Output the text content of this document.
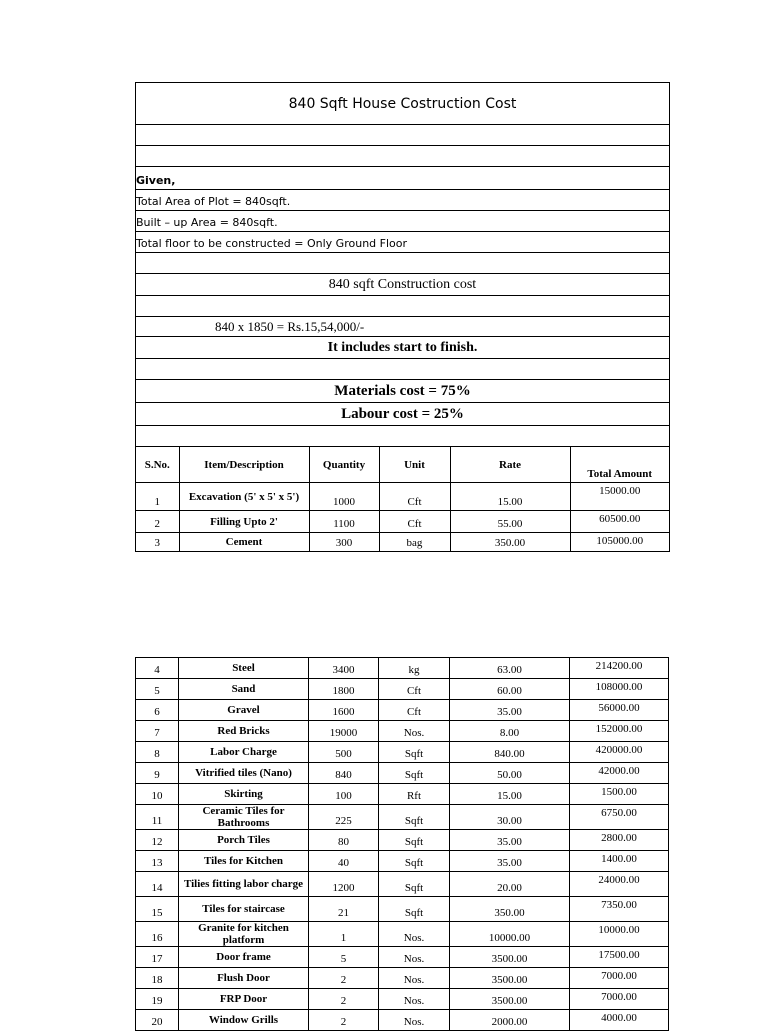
840 Sqft House Costruction Cost
Given,
Total Area of Plot = 840sqft.
Built – up Area = 840sqft.
Total floor to be constructed = Only Ground Floor
840 sqft Construction cost
840 x 1850 = Rs.15,54,000/-
It includes start to finish.
Materials cost = 75%
Labour cost = 25%
S.No.	Item/Description	Quantity	Unit	Rate	Total Amount
1	Excavation (5' x 5' x 5')	1000	Cft	15.00	15000.00
2	Filling Upto 2'	1100	Cft	55.00	60500.00
3	Cement	300	bag	350.00	105000.00
4	Steel	3400	kg	63.00	214200.00
5	Sand	1800	Cft	60.00	108000.00
6	Gravel	1600	Cft	35.00	56000.00
7	Red Bricks	19000	Nos.	8.00	152000.00
8	Labor Charge	500	Sqft	840.00	420000.00
9	Vitrified tiles (Nano)	840	Sqft	50.00	42000.00
10	Skirting	100	Rft	15.00	1500.00
11	Ceramic Tiles for Bathrooms	225	Sqft	30.00	6750.00
12	Porch Tiles	80	Sqft	35.00	2800.00
13	Tiles for Kitchen	40	Sqft	35.00	1400.00
14	Tilies fitting labor charge	1200	Sqft	20.00	24000.00
15	Tiles for staircase	21	Sqft	350.00	7350.00
16	Granite for kitchen platform	1	Nos.	10000.00	10000.00
17	Door frame	5	Nos.	3500.00	17500.00
18	Flush Door	2	Nos.	3500.00	7000.00
19	FRP Door	2	Nos.	3500.00	7000.00
20	Window Grills	2	Nos.	2000.00	4000.00
